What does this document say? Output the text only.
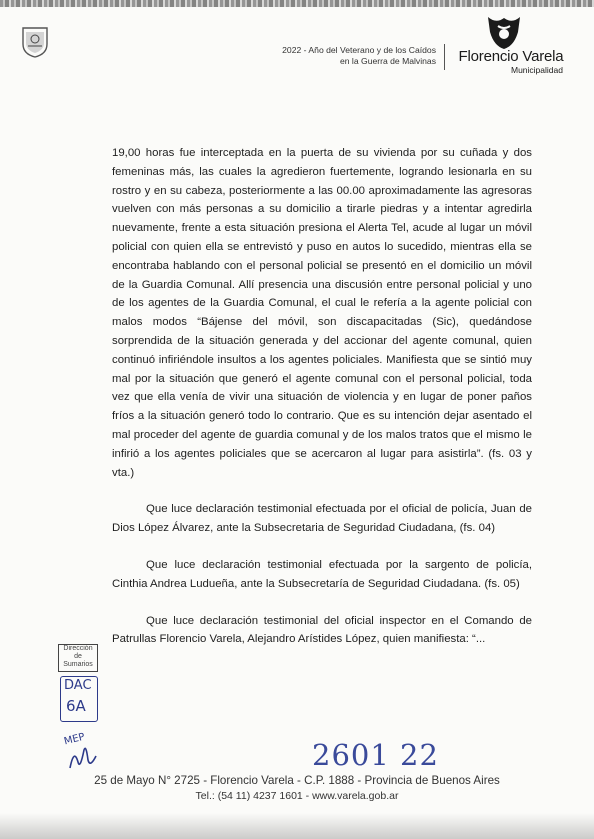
2022 - Año del Veterano y de los Caídos
en la Guerra de Malvinas	Florencio Varela
Municipalidad

19,00 horas fue interceptada en la puerta de su vivienda por su cuñada y dos femeninas más, las cuales la agredieron fuertemente, logrando lesionarla en su rostro y en su cabeza, posteriormente a las 00.00 aproximadamente las agresoras vuelven con más personas a su domicilio a tirarle piedras y a intentar agredirla nuevamente, frente a esta situación presiona el Alerta Tel, acude al lugar un móvil policial con quien ella se entrevistó y puso en autos lo sucedido, mientras ella se encontraba hablando con el personal policial se presentó en el domicilio un móvil de la Guardia Comunal. Allí presencia una discusión entre personal policial y uno de los agentes de la Guardia Comunal, el cual le refería a la agente policial con malos modos “Bájense del móvil, son discapacitadas (Sic), quedándose sorprendida de la situación generada y del accionar del agente comunal, quien continuó infiriéndole insultos a los agentes policiales. Manifiesta que se sintió muy mal por la situación que generó el agente comunal con el personal policial, toda vez que ella venía de vivir una situación de violencia y en lugar de poner paños fríos a la situación generó todo lo contrario. Que es su intención dejar asentado el mal proceder del agente de guardia comunal y de los malos tratos que el mismo le infirió a los agentes policiales que se acercaron al lugar para asistirla”. (fs. 03 y vta.)

Que luce declaración testimonial efectuada por el oficial de policía, Juan de Dios López Álvarez, ante la Subsecretaria de Seguridad Ciudadana, (fs. 04)

Que luce declaración testimonial efectuada por la sargento de policía, Cinthia Andrea Ludueña, ante la Subsecretaría de Seguridad Ciudadana. (fs. 05)

Que luce declaración testimonial del oficial inspector en el Comando de Patrullas Florencio Varela, Alejandro Arístides López, quien manifiesta: “...

Dirección de Sumarios
DAC
6A
MEP	2601 22
25 de Mayo N° 2725 - Florencio Varela - C.P. 1888 - Provincia de Buenos Aires
Tel.: (54 11) 4237 1601 - www.varela.gob.ar
